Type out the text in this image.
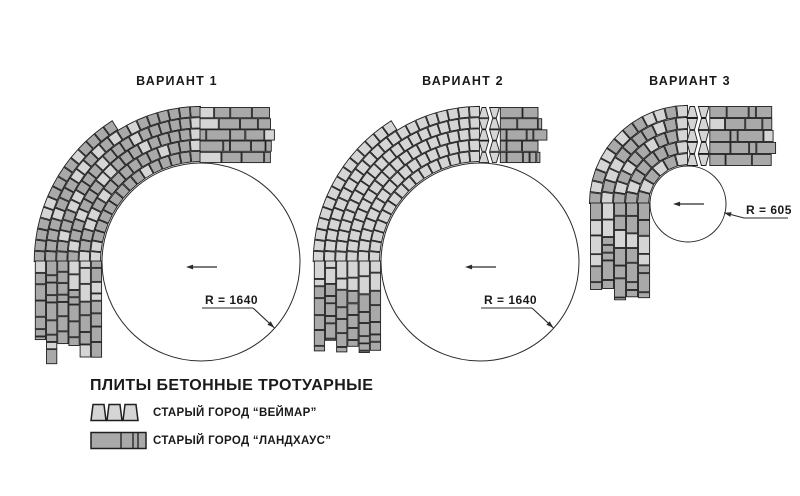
ВАРИАНТ 1
R = 1640
ВАРИАНТ 2
R = 1640
ВАРИАНТ 3
R = 605
ПЛИТЫ БЕТОННЫЕ ТРОТУАРНЫЕ
СТАРЫЙ ГОРОД “ВЕЙМАР”
СТАРЫЙ ГОРОД “ЛАНДХАУС”
